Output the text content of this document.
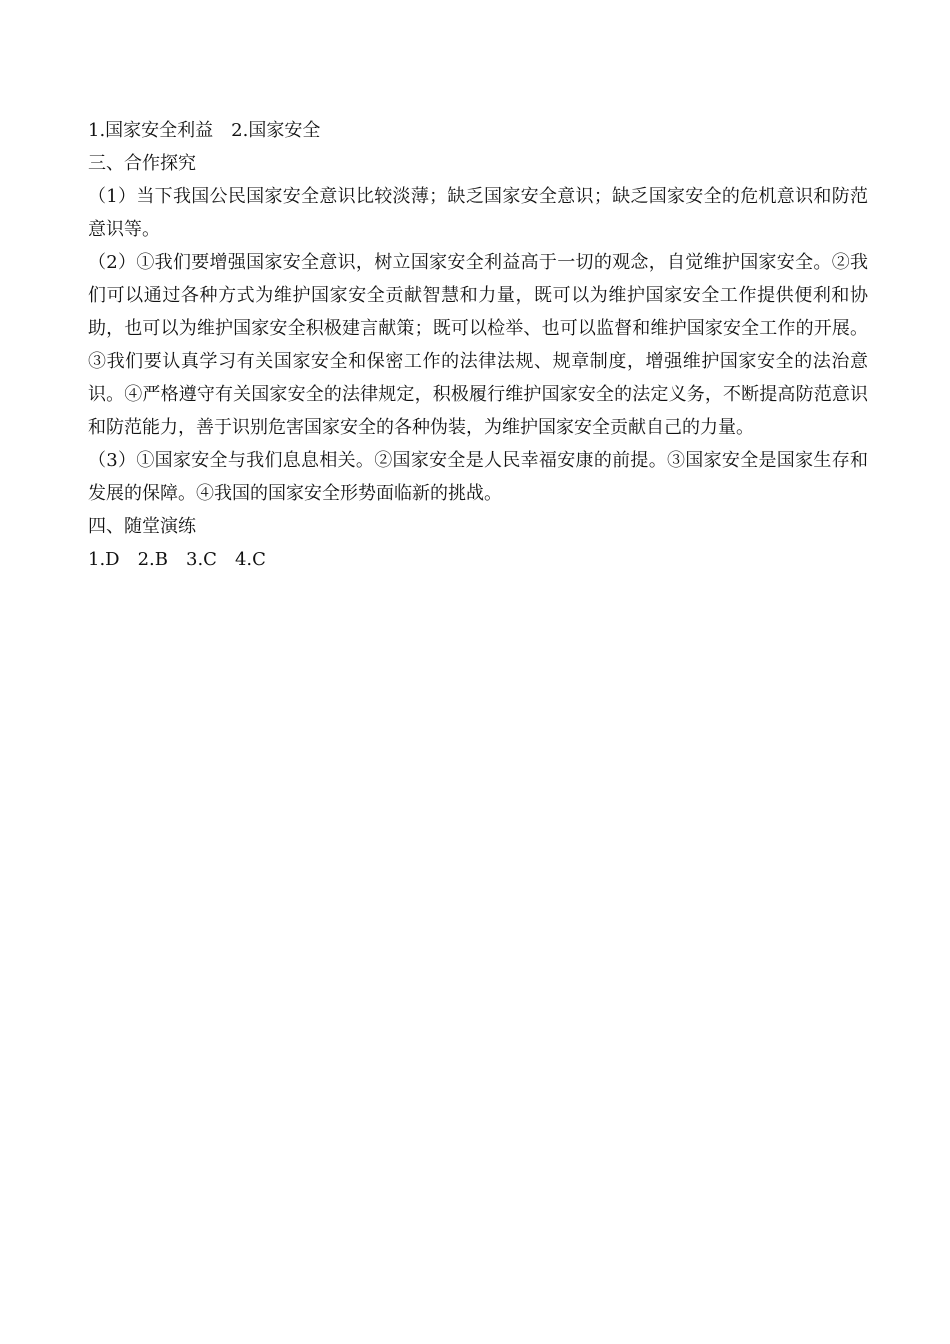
1.国家安全利益　2.国家安全
三、合作探究
（1）当下我国公民国家安全意识比较淡薄；缺乏国家安全意识；缺乏国家安全的危机意识和防范意识等。
（2）①我们要增强国家安全意识，树立国家安全利益高于一切的观念，自觉维护国家安全。②我们可以通过各种方式为维护国家安全贡献智慧和力量，既可以为维护国家安全工作提供便利和协助，也可以为维护国家安全积极建言献策；既可以检举、也可以监督和维护国家安全工作的开展。③我们要认真学习有关国家安全和保密工作的法律法规、规章制度，增强维护国家安全的法治意识。④严格遵守有关国家安全的法律规定，积极履行维护国家安全的法定义务，不断提高防范意识和防范能力，善于识别危害国家安全的各种伪装，为维护国家安全贡献自己的力量。
（3）①国家安全与我们息息相关。②国家安全是人民幸福安康的前提。③国家安全是国家生存和发展的保障。④我国的国家安全形势面临新的挑战。
四、随堂演练
1.D　2.B　3.C　4.C
